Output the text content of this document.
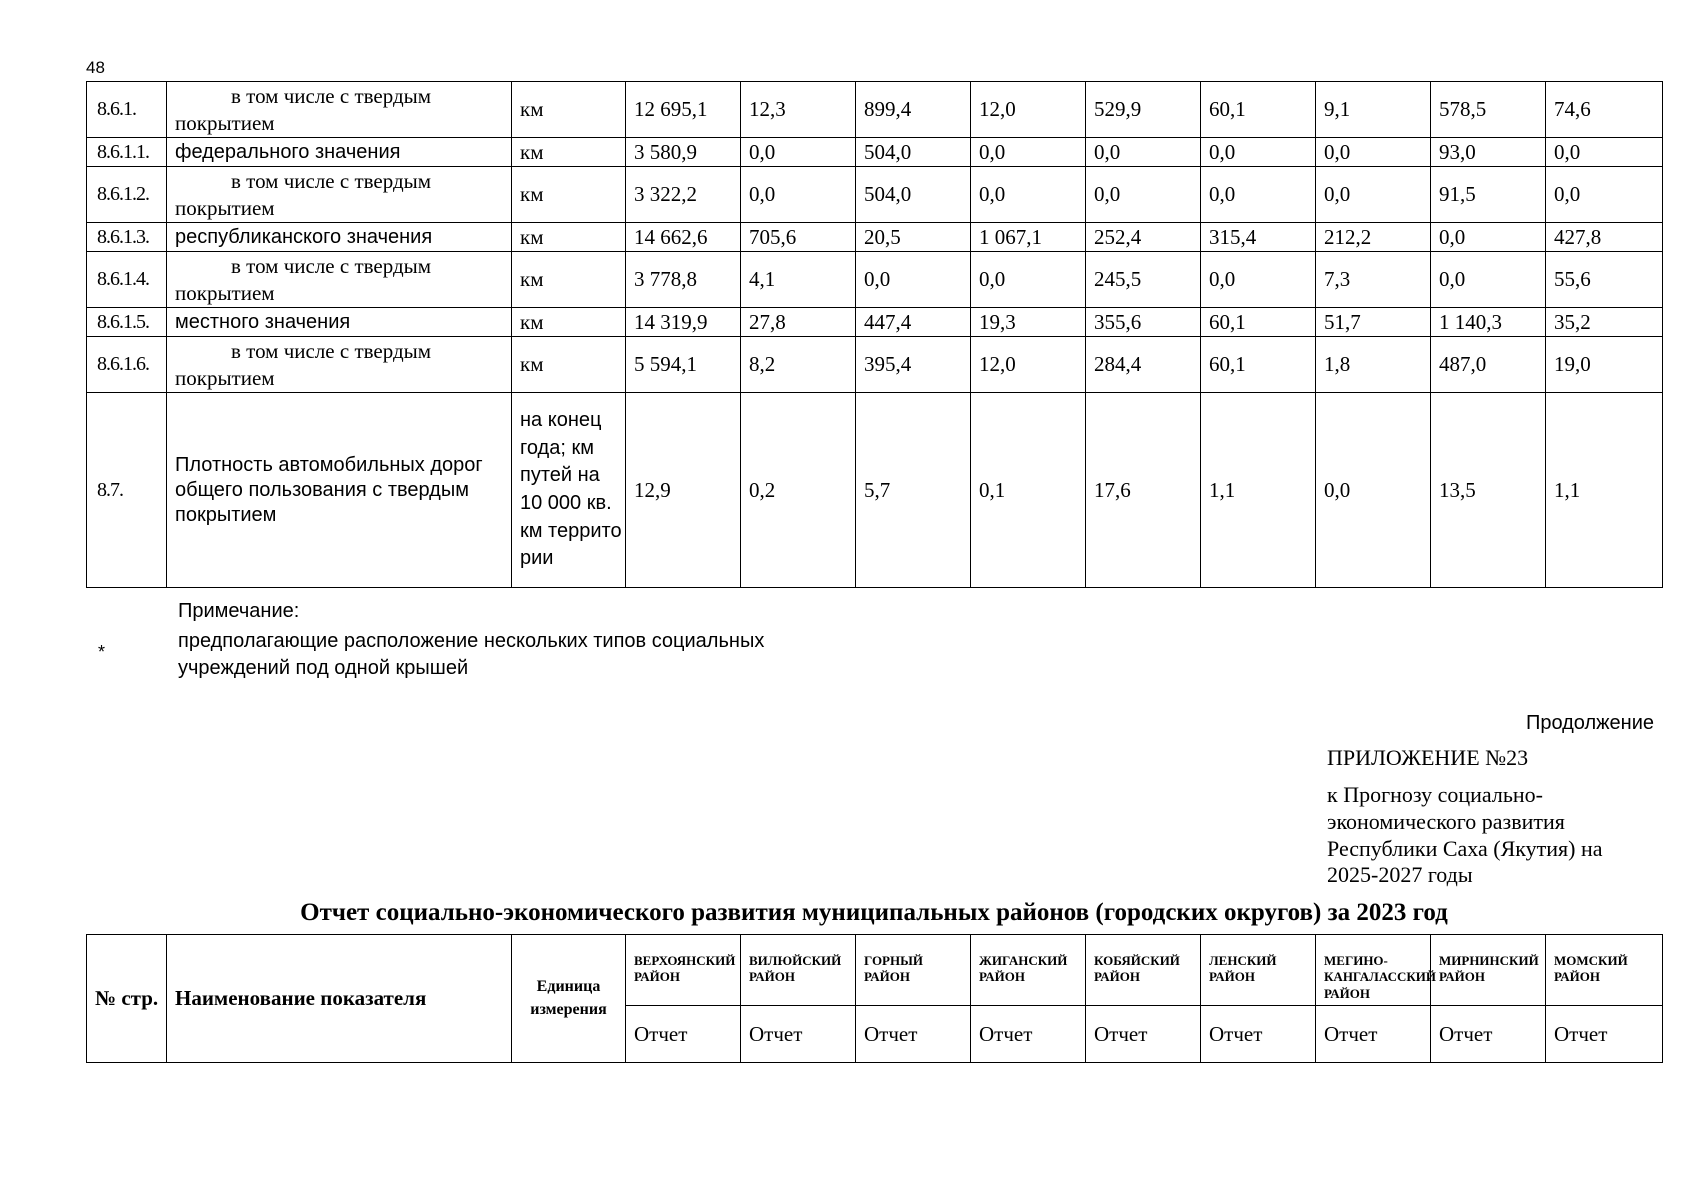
48
8.6.1.	в том числе с твердым
покрытием	км	12 695,1	12,3	899,4	12,0	529,9	60,1	9,1	578,5	74,6
8.6.1.1.	федерального значения	км	3 580,9	0,0	504,0	0,0	0,0	0,0	0,0	93,0	0,0
8.6.1.2.	в том числе с твердым
покрытием	км	3 322,2	0,0	504,0	0,0	0,0	0,0	0,0	91,5	0,0
8.6.1.3.	республиканского значения	км	14 662,6	705,6	20,5	1 067,1	252,4	315,4	212,2	0,0	427,8
8.6.1.4.	в том числе с твердым
покрытием	км	3 778,8	4,1	0,0	0,0	245,5	0,0	7,3	0,0	55,6
8.6.1.5.	местного значения	км	14 319,9	27,8	447,4	19,3	355,6	60,1	51,7	1 140,3	35,2
8.6.1.6.	в том числе с твердым
покрытием	км	5 594,1	8,2	395,4	12,0	284,4	60,1	1,8	487,0	19,0
8.7.	Плотность автомобильных дорог общего пользования с твердым покрытием	на конец года; км путей на 10 000 кв. км террито рии	12,9	0,2	5,7	0,1	17,6	1,1	0,0	13,5	1,1
Примечание:
*	предполагающие расположение нескольких типов социальных учреждений под одной крышей
Продолжение
ПРИЛОЖЕНИЕ №23
к Прогнозу социально-экономического развития Республики Саха (Якутия) на 2025-2027 годы
Отчет социально-экономического развития муниципальных районов (городских округов) за 2023 год
№ стр.	Наименование показателя	Единица измерения	ВЕРХОЯНСКИЙ РАЙОН	ВИЛЮЙСКИЙ РАЙОН	ГОРНЫЙ РАЙОН	ЖИГАНСКИЙ РАЙОН	КОБЯЙСКИЙ РАЙОН	ЛЕНСКИЙ РАЙОН	МЕГИНО-КАНГАЛАССКИЙ РАЙОН	МИРНИНСКИЙ РАЙОН	МОМСКИЙ РАЙОН
			Отчет	Отчет	Отчет	Отчет	Отчет	Отчет	Отчет	Отчет	Отчет
